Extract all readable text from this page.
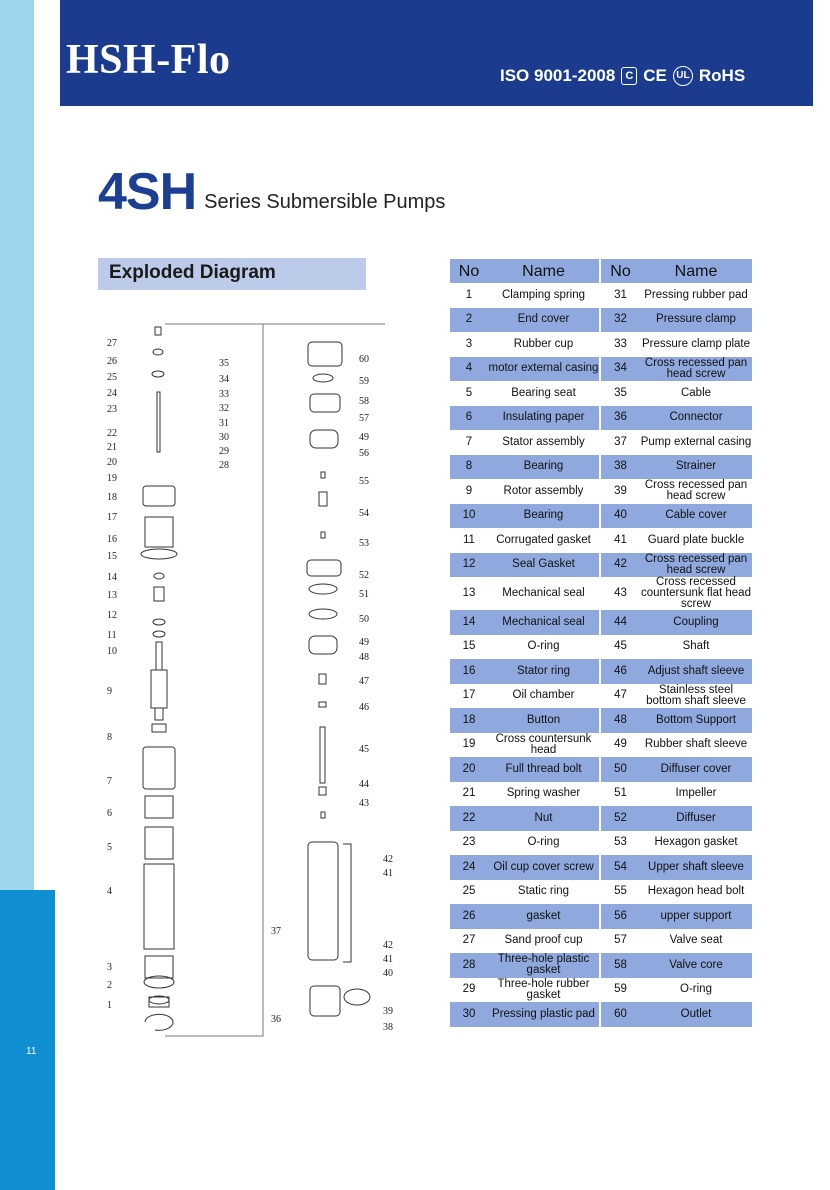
11
HSH-Flo	ISO 9001-2008 C CE UL RoHS
4SH Series Submersible Pumps
Exploded Diagram
27
26
25
24
23
22
21
20
19
18
17
16
15
14
13
12
11
10
9
8
7
6
5
4
3
2
1
35
34
33
32
31
30
29
28
60
59
58
57
49
56
55
54
53
52
51
50
49
48
47
46
45
44
43
42
41
37
42
41
40
36
39
38
No	Name	No	Name
1	Clamping spring	31	Pressing rubber pad
2	End cover	32	Pressure clamp
3	Rubber cup	33	Pressure clamp plate
4	motor external casing	34	Cross recessed pan head screw
5	Bearing seat	35	Cable
6	Insulating paper	36	Connector
7	Stator assembly	37	Pump external casing
8	Bearing	38	Strainer
9	Rotor assembly	39	Cross recessed pan head screw
10	Bearing	40	Cable cover
11	Corrugated gasket	41	Guard plate buckle
12	Seal Gasket	42	Cross recessed pan head screw
13	Mechanical seal	43	Cross recessed countersunk flat head screw
14	Mechanical seal	44	Coupling
15	O-ring	45	Shaft
16	Stator ring	46	Adjust shaft sleeve
17	Oil chamber	47	Stainless steel bottom shaft sleeve
18	Button	48	Bottom Support
19	Cross countersunk head	49	Rubber shaft sleeve
20	Full thread bolt	50	Diffuser cover
21	Spring washer	51	Impeller
22	Nut	52	Diffuser
23	O-ring	53	Hexagon gasket
24	Oil cup cover screw	54	Upper shaft sleeve
25	Static ring	55	Hexagon head bolt
26	gasket	56	upper support
27	Sand proof cup	57	Valve seat
28	Three-hole plastic gasket	58	Valve core
29	Three-hole rubber gasket	59	O-ring
30	Pressing plastic pad	60	Outlet
